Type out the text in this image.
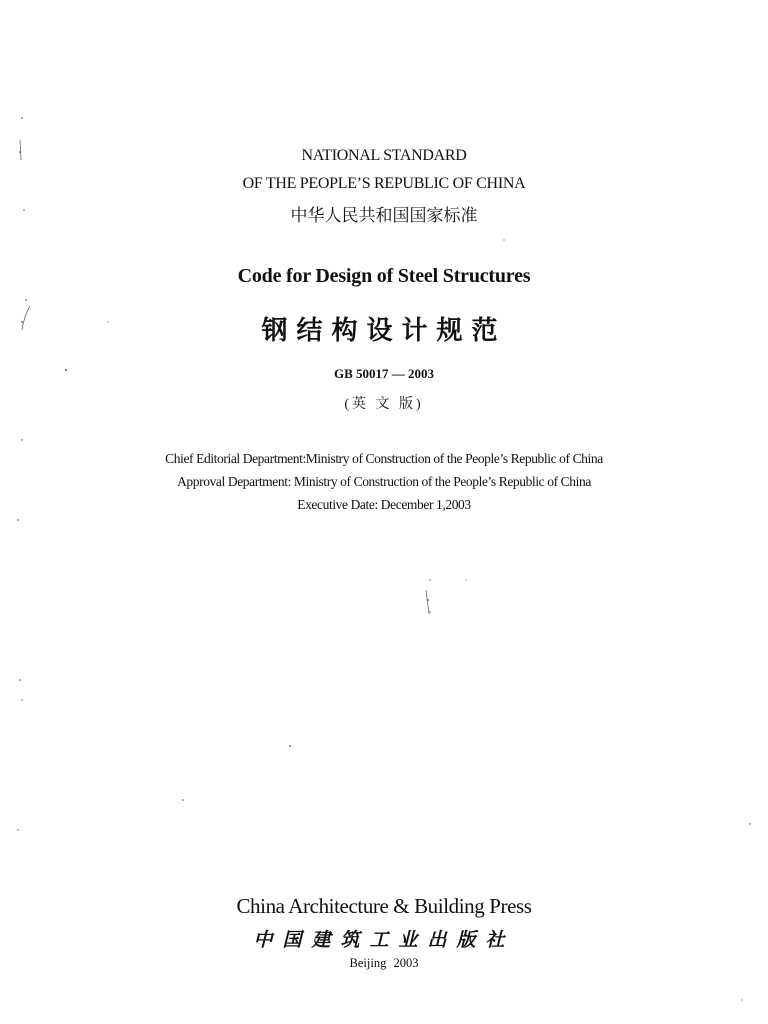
NATIONAL STANDARD
OF THE PEOPLE’S REPUBLIC OF CHINA
中华人民共和国国家标准
Code for Design of Steel Structures
钢结构设计规范
GB 50017 — 2003
(英 文 版)
Chief Editorial Department:Ministry of Construction of the People’s Republic of China
Approval Department: Ministry of Construction of the People’s Republic of China
Executive Date: December 1,2003
China Architecture & Building Press
中国建筑工业出版社
Beijing 2003
